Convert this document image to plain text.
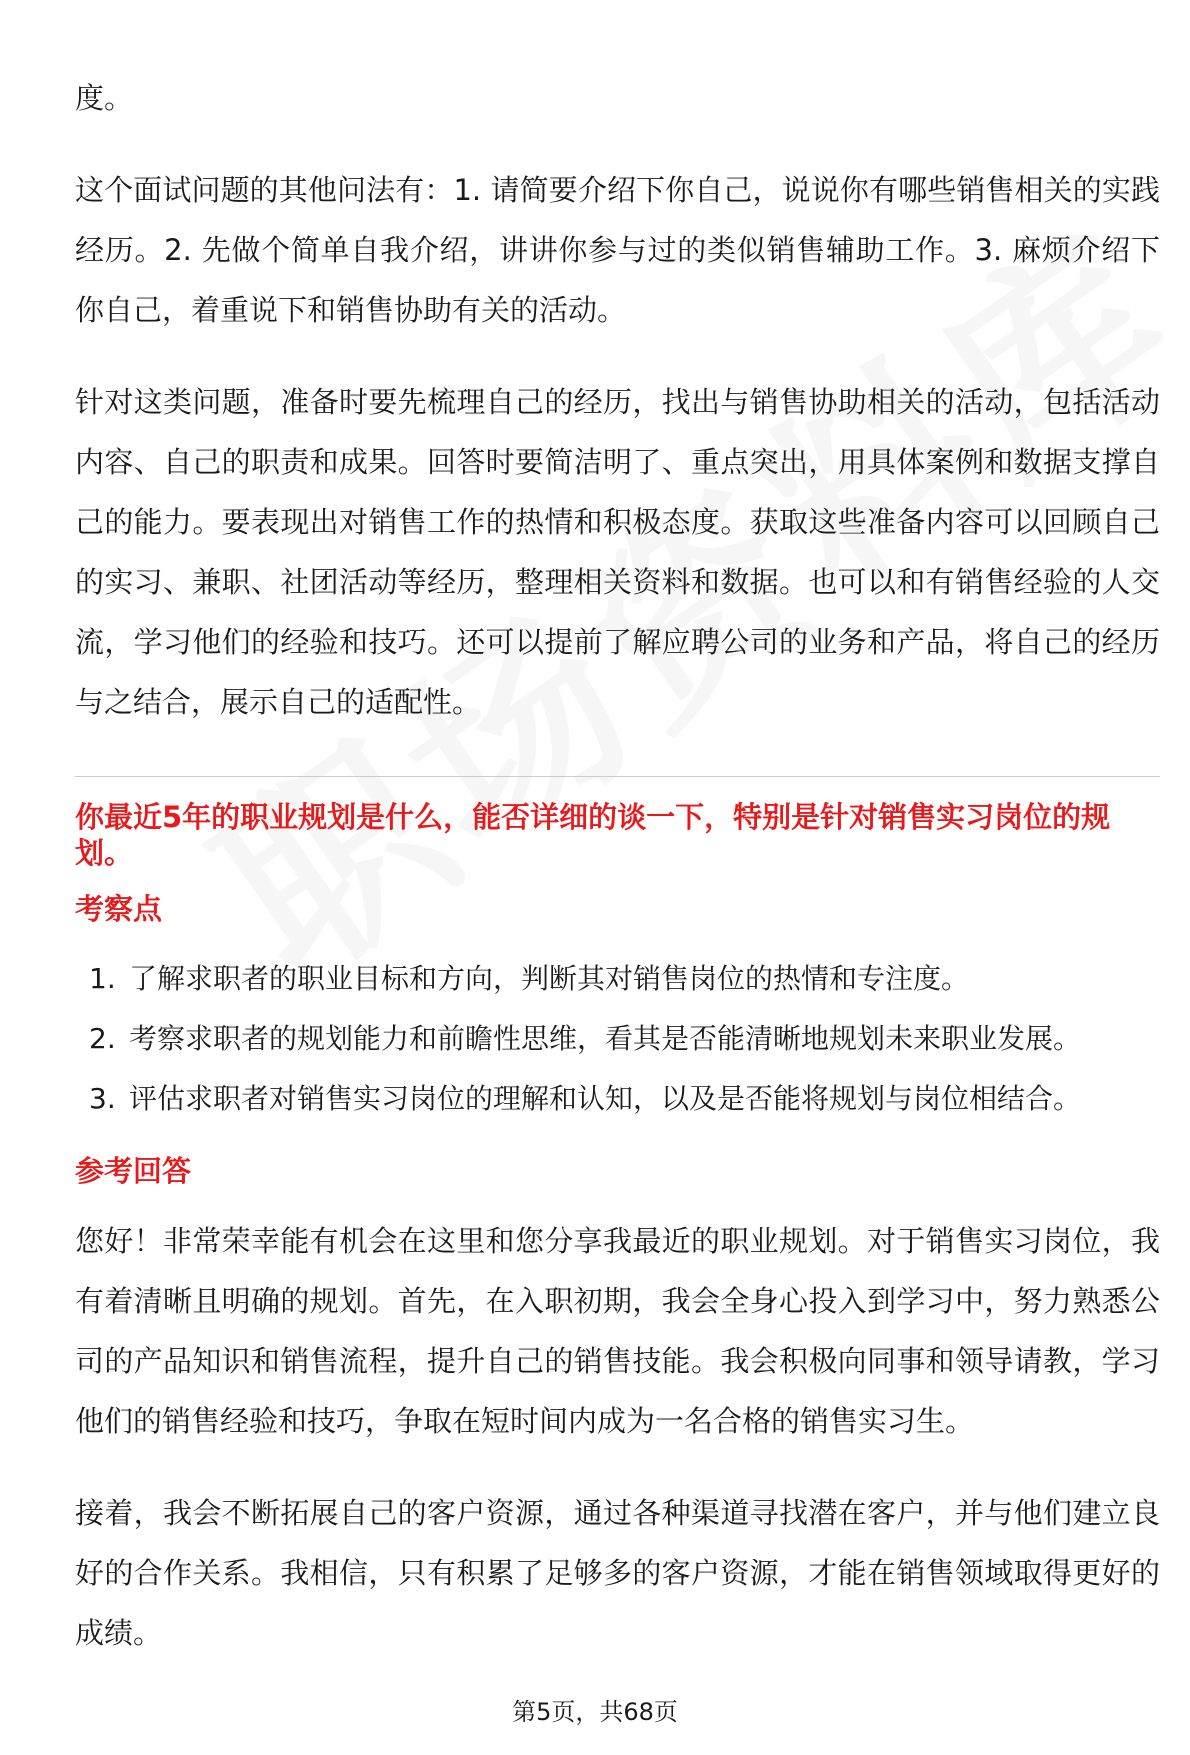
度。

这个面试问题的其他问法有：1. 请简要介绍下你自己，说说你有哪些销售相关的实践经历。2. 先做个简单自我介绍，讲讲你参与过的类似销售辅助工作。3. 麻烦介绍下你自己，着重说下和销售协助有关的活动。

针对这类问题，准备时要先梳理自己的经历，找出与销售协助相关的活动，包括活动内容、自己的职责和成果。回答时要简洁明了、重点突出，用具体案例和数据支撑自己的能力。要表现出对销售工作的热情和积极态度。获取这些准备内容可以回顾自己的实习、兼职、社团活动等经历，整理相关资料和数据。也可以和有销售经验的人交流，学习他们的经验和技巧。还可以提前了解应聘公司的业务和产品，将自己的经历与之结合，展示自己的适配性。

你最近5年的职业规划是什么，能否详细的谈一下，特别是针对销售实习岗位的规划。

考察点
1. 了解求职者的职业目标和方向，判断其对销售岗位的热情和专注度。
2. 考察求职者的规划能力和前瞻性思维，看其是否能清晰地规划未来职业发展。
3. 评估求职者对销售实习岗位的理解和认知，以及是否能将规划与岗位相结合。
参考回答

您好！非常荣幸能有机会在这里和您分享我最近的职业规划。对于销售实习岗位，我有着清晰且明确的规划。首先，在入职初期，我会全身心投入到学习中，努力熟悉公司的产品知识和销售流程，提升自己的销售技能。我会积极向同事和领导请教，学习他们的销售经验和技巧，争取在短时间内成为一名合格的销售实习生。

接着，我会不断拓展自己的客户资源，通过各种渠道寻找潜在客户，并与他们建立良好的合作关系。我相信，只有积累了足够多的客户资源，才能在销售领域取得更好的成绩。

第5页，共68页
